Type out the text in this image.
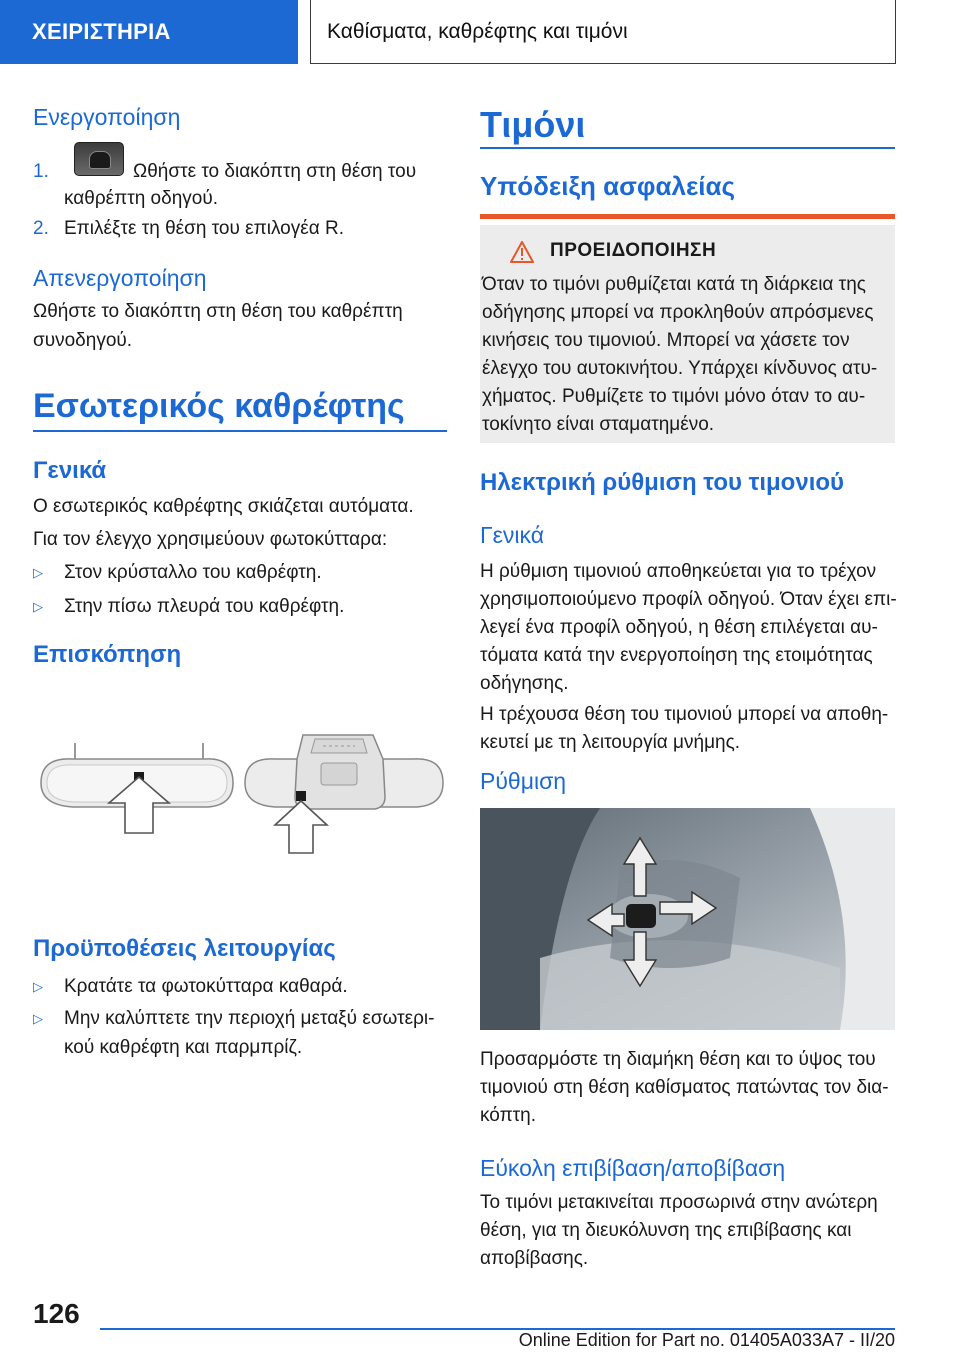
ΧΕΙΡΙΣΤΗΡΙΑ	Καθίσματα, καθρέφτης και τιμόνι
Ενεργοποίηση
1.	Ωθήστε το διακόπτη στη θέση του
καθρέπτη οδηγού.
2. Επιλέξτε τη θέση του επιλογέα R.
Απενεργοποίηση
Ωθήστε το διακόπτη στη θέση του καθρέπτη
συνοδηγού.
Εσωτερικός καθρέφτης
Γενικά
Ο εσωτερικός καθρέφτης σκιάζεται αυτόματα.
Για τον έλεγχο χρησιμεύουν φωτοκύτταρα:
▷ Στον κρύσταλλο του καθρέφτη.
▷ Στην πίσω πλευρά του καθρέφτη.
Επισκόπηση
Προϋποθέσεις λειτουργίας
▷ Κρατάτε τα φωτοκύτταρα καθαρά.
▷ Μην καλύπτετε την περιοχή μεταξύ εσωτερι-
κού καθρέφτη και παρμπρίζ.
Τιμόνι
Υπόδειξη ασφαλείας
ΠΡΟΕΙΔΟΠΟΙΗΣΗ
Όταν το τιμόνι ρυθμίζεται κατά τη διάρκεια της
οδήγησης μπορεί να προκληθούν απρόσμενες
κινήσεις του τιμονιού. Μπορεί να χάσετε τον
έλεγχο του αυτοκινήτου. Υπάρχει κίνδυνος ατυ-
χήματος. Ρυθμίζετε το τιμόνι μόνο όταν το αυ-
τοκίνητο είναι σταματημένο.
Ηλεκτρική ρύθμιση του τιμονιού
Γενικά
Η ρύθμιση τιμονιού αποθηκεύεται για το τρέχον
χρησιμοποιούμενο προφίλ οδηγού. Όταν έχει επι-
λεγεί ένα προφίλ οδηγού, η θέση επιλέγεται αυ-
τόματα κατά την ενεργοποίηση της ετοιμότητας
οδήγησης.
Η τρέχουσα θέση του τιμονιού μπορεί να αποθη-
κευτεί με τη λειτουργία μνήμης.
Ρύθμιση
Προσαρμόστε τη διαμήκη θέση και το ύψος του
τιμονιού στη θέση καθίσματος πατώντας τον δια-
κόπτη.
Εύκολη επιβίβαση/αποβίβαση
Το τιμόνι μετακινείται προσωρινά στην ανώτερη
θέση, για τη διευκόλυνση της επιβίβασης και
αποβίβασης.
126
Online Edition for Part no. 01405A033A7 - II/20
